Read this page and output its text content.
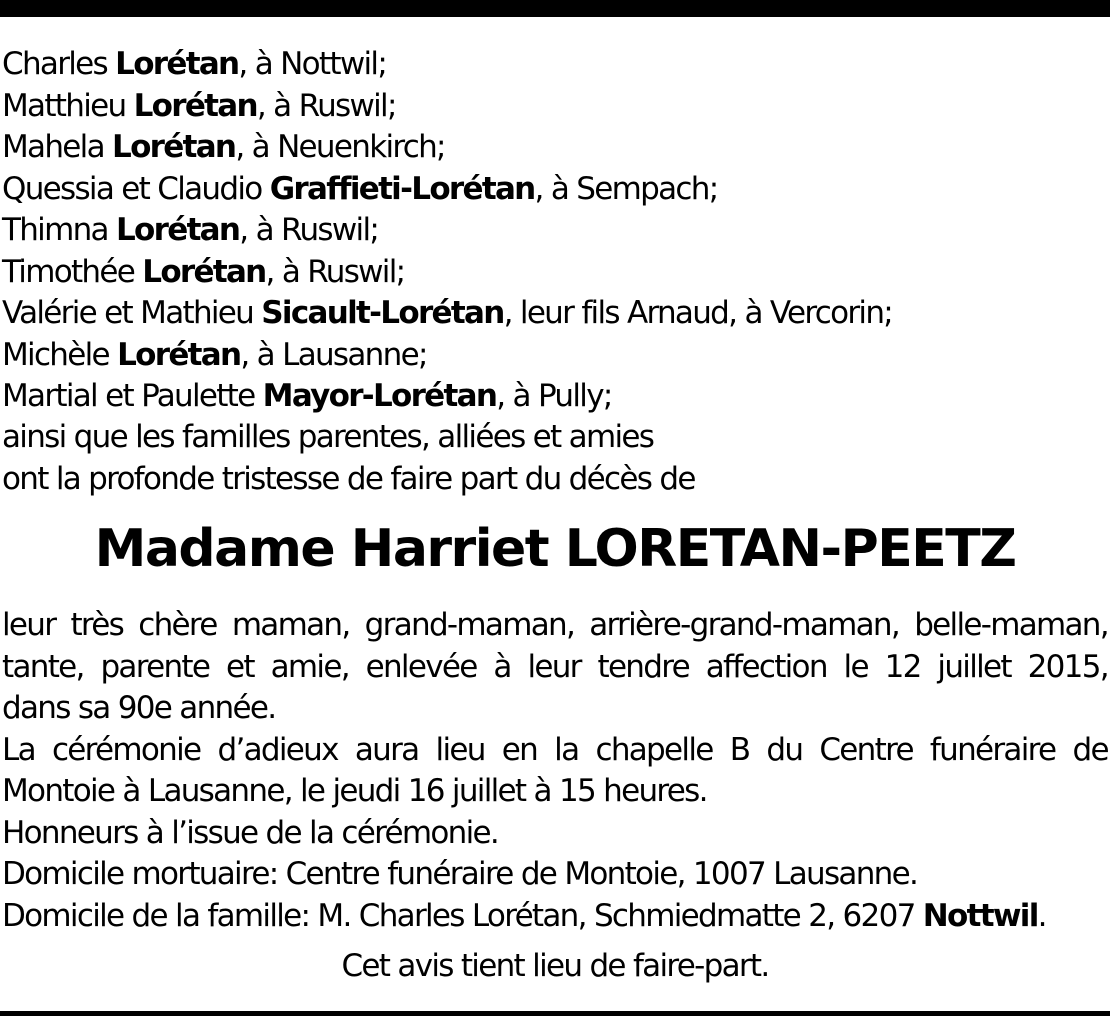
Charles Lorétan, à Nottwil;
Matthieu Lorétan, à Ruswil;
Mahela Lorétan, à Neuenkirch;
Quessia et Claudio Graffieti-Lorétan, à Sempach;
Thimna Lorétan, à Ruswil;
Timothée Lorétan, à Ruswil;
Valérie et Mathieu Sicault-Lorétan, leur fils Arnaud, à Vercorin;
Michèle Lorétan, à Lausanne;
Martial et Paulette Mayor-Lorétan, à Pully;
ainsi que les familles parentes, alliées et amies
ont la profonde tristesse de faire part du décès de
Madame Harriet LORETAN-PEETZ
leur très chère maman, grand-maman, arrière-grand-maman, belle-maman,
tante, parente et amie, enlevée à leur tendre affection le 12 juillet 2015,
dans sa 90e année.
La cérémonie d’adieux aura lieu en la chapelle B du Centre funéraire de
Montoie à Lausanne, le jeudi 16 juillet à 15 heures.
Honneurs à l’issue de la cérémonie.
Domicile mortuaire: Centre funéraire de Montoie, 1007 Lausanne.
Domicile de la famille: M. Charles Lorétan, Schmiedmatte 2, 6207 Nottwil.
Cet avis tient lieu de faire-part.
